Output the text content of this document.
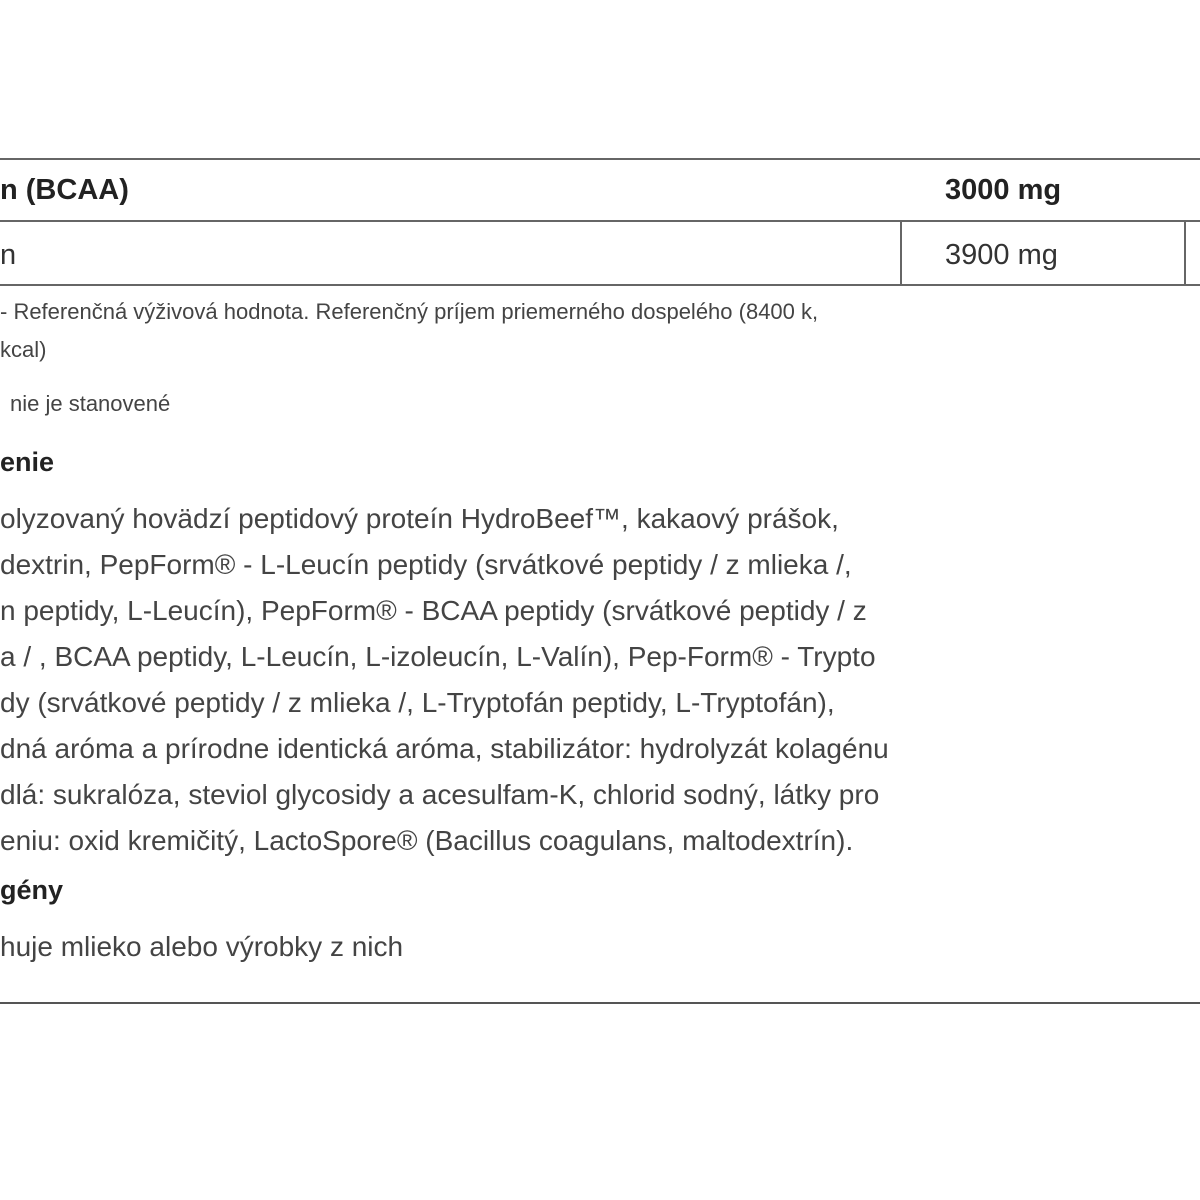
n (BCAA)	3000 mg
n	3900 mg
- Referenčná výživová hodnota. Referenčný príjem priemerného dospelého (8400 k,
kcal)
nie je stanovené
enie
olyzovaný hovädzí peptidový proteín HydroBeef™, kakaový prášok,
dextrin, PepForm® - L-Leucín peptidy (srvátkové peptidy / z mlieka /,
n peptidy, L-Leucín), PepForm® - BCAA peptidy (srvátkové peptidy / z
a / , BCAA peptidy, L-Leucín, L-izoleucín, L-Valín), Pep-Form® - Trypto
dy (srvátkové peptidy / z mlieka /, L-Tryptofán peptidy, L-Tryptofán),
dná aróma a prírodne identická aróma, stabilizátor: hydrolyzát kolagénu
dlá: sukralóza, steviol glycosidy a acesulfam-K, chlorid sodný, látky pro
eniu: oxid kremičitý, LactoSpore® (Bacillus coagulans, maltodextrín).
gény
huje mlieko alebo výrobky z nich
